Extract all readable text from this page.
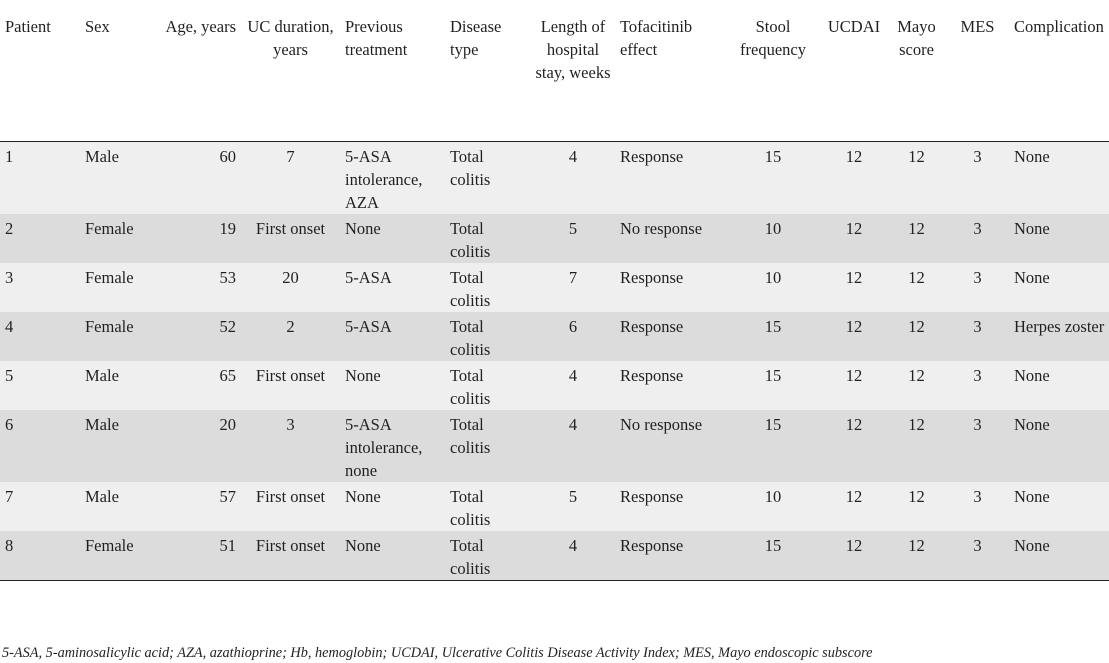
Patient	Sex	Age, years	UC duration, years	Previous treatment	Disease type	Length of hospital stay, weeks	Tofacitinib effect	Stool frequency	UCDAI	Mayo score	MES	Complication
1	Male	60	7	5-ASA intolerance, AZA	Total colitis	4	Response	15	12	12	3	None
2	Female	19	First onset	None	Total colitis	5	No response	10	12	12	3	None
3	Female	53	20	5-ASA	Total colitis	7	Response	10	12	12	3	None
4	Female	52	2	5-ASA	Total colitis	6	Response	15	12	12	3	Herpes zoster
5	Male	65	First onset	None	Total colitis	4	Response	15	12	12	3	None
6	Male	20	3	5-ASA intolerance, none	Total colitis	4	No response	15	12	12	3	None
7	Male	57	First onset	None	Total colitis	5	Response	10	12	12	3	None
8	Female	51	First onset	None	Total colitis	4	Response	15	12	12	3	None
5-ASA, 5-aminosalicylic acid; AZA, azathioprine; Hb, hemoglobin; UCDAI, Ulcerative Colitis Disease Activity Index; MES, Mayo endoscopic subscore
